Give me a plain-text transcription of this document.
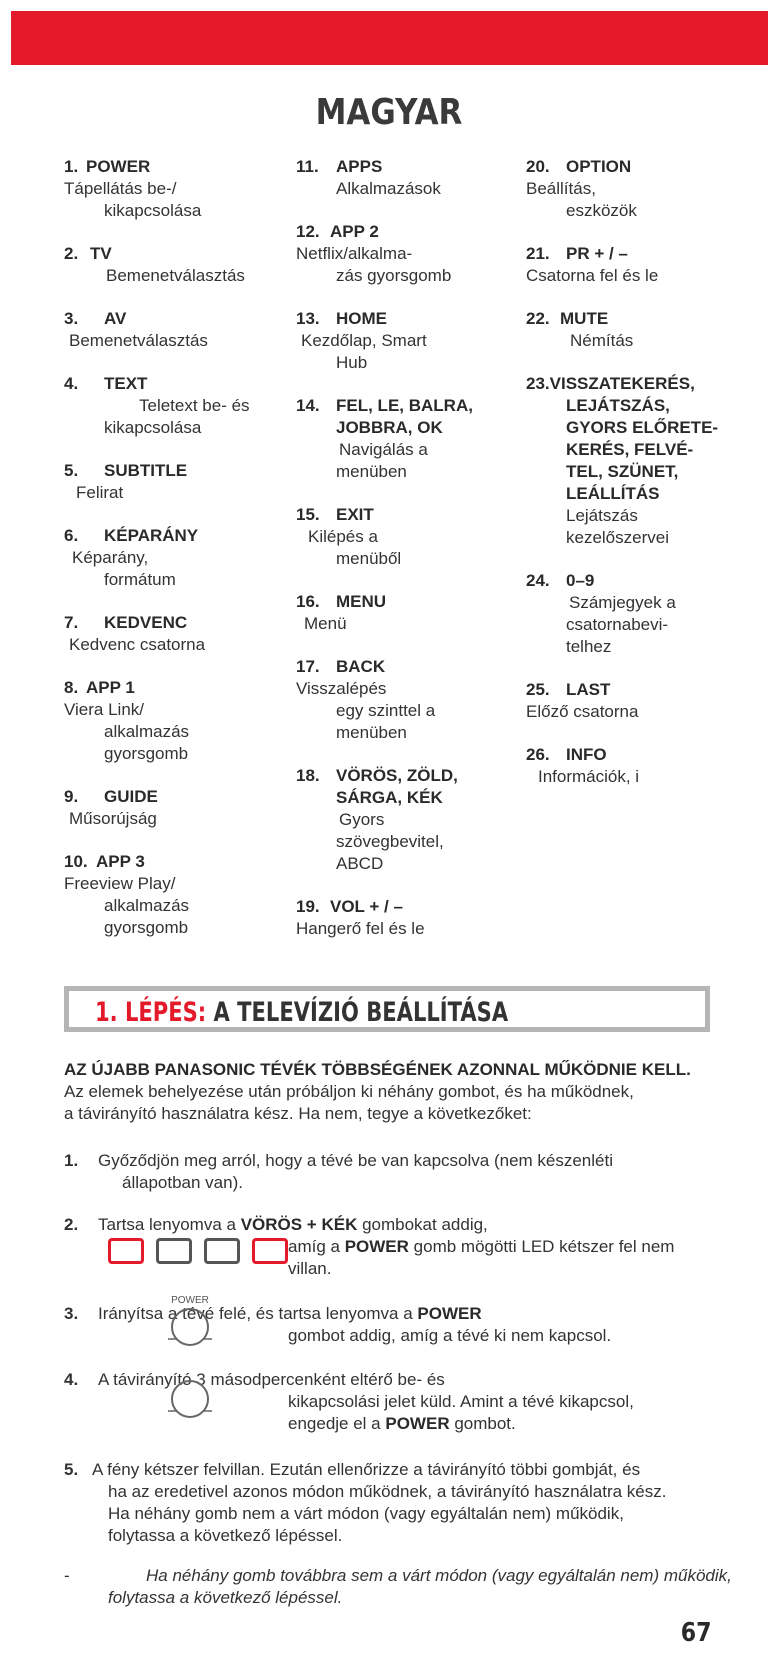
MAGYAR
1. POWER
Tápellátás be-/
kikapcsolása
2. TV
Bemenetválasztás
3. AV
Bemenetválasztás
4. TEXT
Teletext be- és
kikapcsolása
5. SUBTITLE
Felirat
6. KÉPARÁNY
Képarány,
formátum
7. KEDVENC
Kedvenc csatorna
8. APP 1
Viera Link/
alkalmazás
gyorsgomb
9. GUIDE
Műsorújság
10. APP 3
Freeview Play/
alkalmazás
gyorsgomb
11. APPS
Alkalmazások
12. APP 2
Netflix/alkalma-
zás gyorsgomb
13. HOME
Kezdőlap, Smart
Hub
14. FEL, LE, BALRA,
JOBBRA, OK
Navigálás a
menüben
15. EXIT
Kilépés a
menüből
16. MENU
Menü
17. BACK
Visszalépés
egy szinttel a
menüben
18. VÖRÖS, ZÖLD,
SÁRGA, KÉK
Gyors
szövegbevitel,
ABCD
19. VOL + / –
Hangerő fel és le
20. OPTION
Beállítás,
eszközök
21. PR + / –
Csatorna fel és le
22. MUTE
Némítás
23.VISSZATEKERÉS,
LEJÁTSZÁS,
GYORS ELŐRETE-
KERÉS, FELVÉ-
TEL, SZÜNET,
LEÁLLÍTÁS
Lejátszás
kezelőszervei
24. 0–9
Számjegyek a
csatornabevi-
telhez
25. LAST
Előző csatorna
26. INFO
Információk, i
1. LÉPÉS: A TELEVÍZIÓ BEÁLLÍTÁSA
AZ ÚJABB PANASONIC TÉVÉK TÖBBSÉGÉNEK AZONNAL MŰKÖDNIE KELL.
Az elemek behelyezése után próbáljon ki néhány gombot, és ha működnek,
a távirányító használatra kész. Ha nem, tegye a következőket:
1. Győződjön meg arról, hogy a tévé be van kapcsolva (nem készenléti
állapotban van).
2. Tartsa lenyomva a VÖRÖS + KÉK gombokat addig,
amíg a POWER gomb mögötti LED kétszer fel nem
villan.
3. Irányítsa a tévé felé, és tartsa lenyomva a POWER
gombot addig, amíg a tévé ki nem kapcsol.
POWER
4. A távirányító 3 másodpercenként eltérő be- és
kikapcsolási jelet küld. Amint a tévé kikapcsol,
engedje el a POWER gombot.
5. A fény kétszer felvillan. Ezután ellenőrizze a távirányító többi gombját, és
ha az eredetivel azonos módon működnek, a távirányító használatra kész.
Ha néhány gomb nem a várt módon (vagy egyáltalán nem) működik,
folytassa a következő lépéssel.
-	Ha néhány gomb továbbra sem a várt módon (vagy egyáltalán nem) működik,
folytassa a következő lépéssel.
67
